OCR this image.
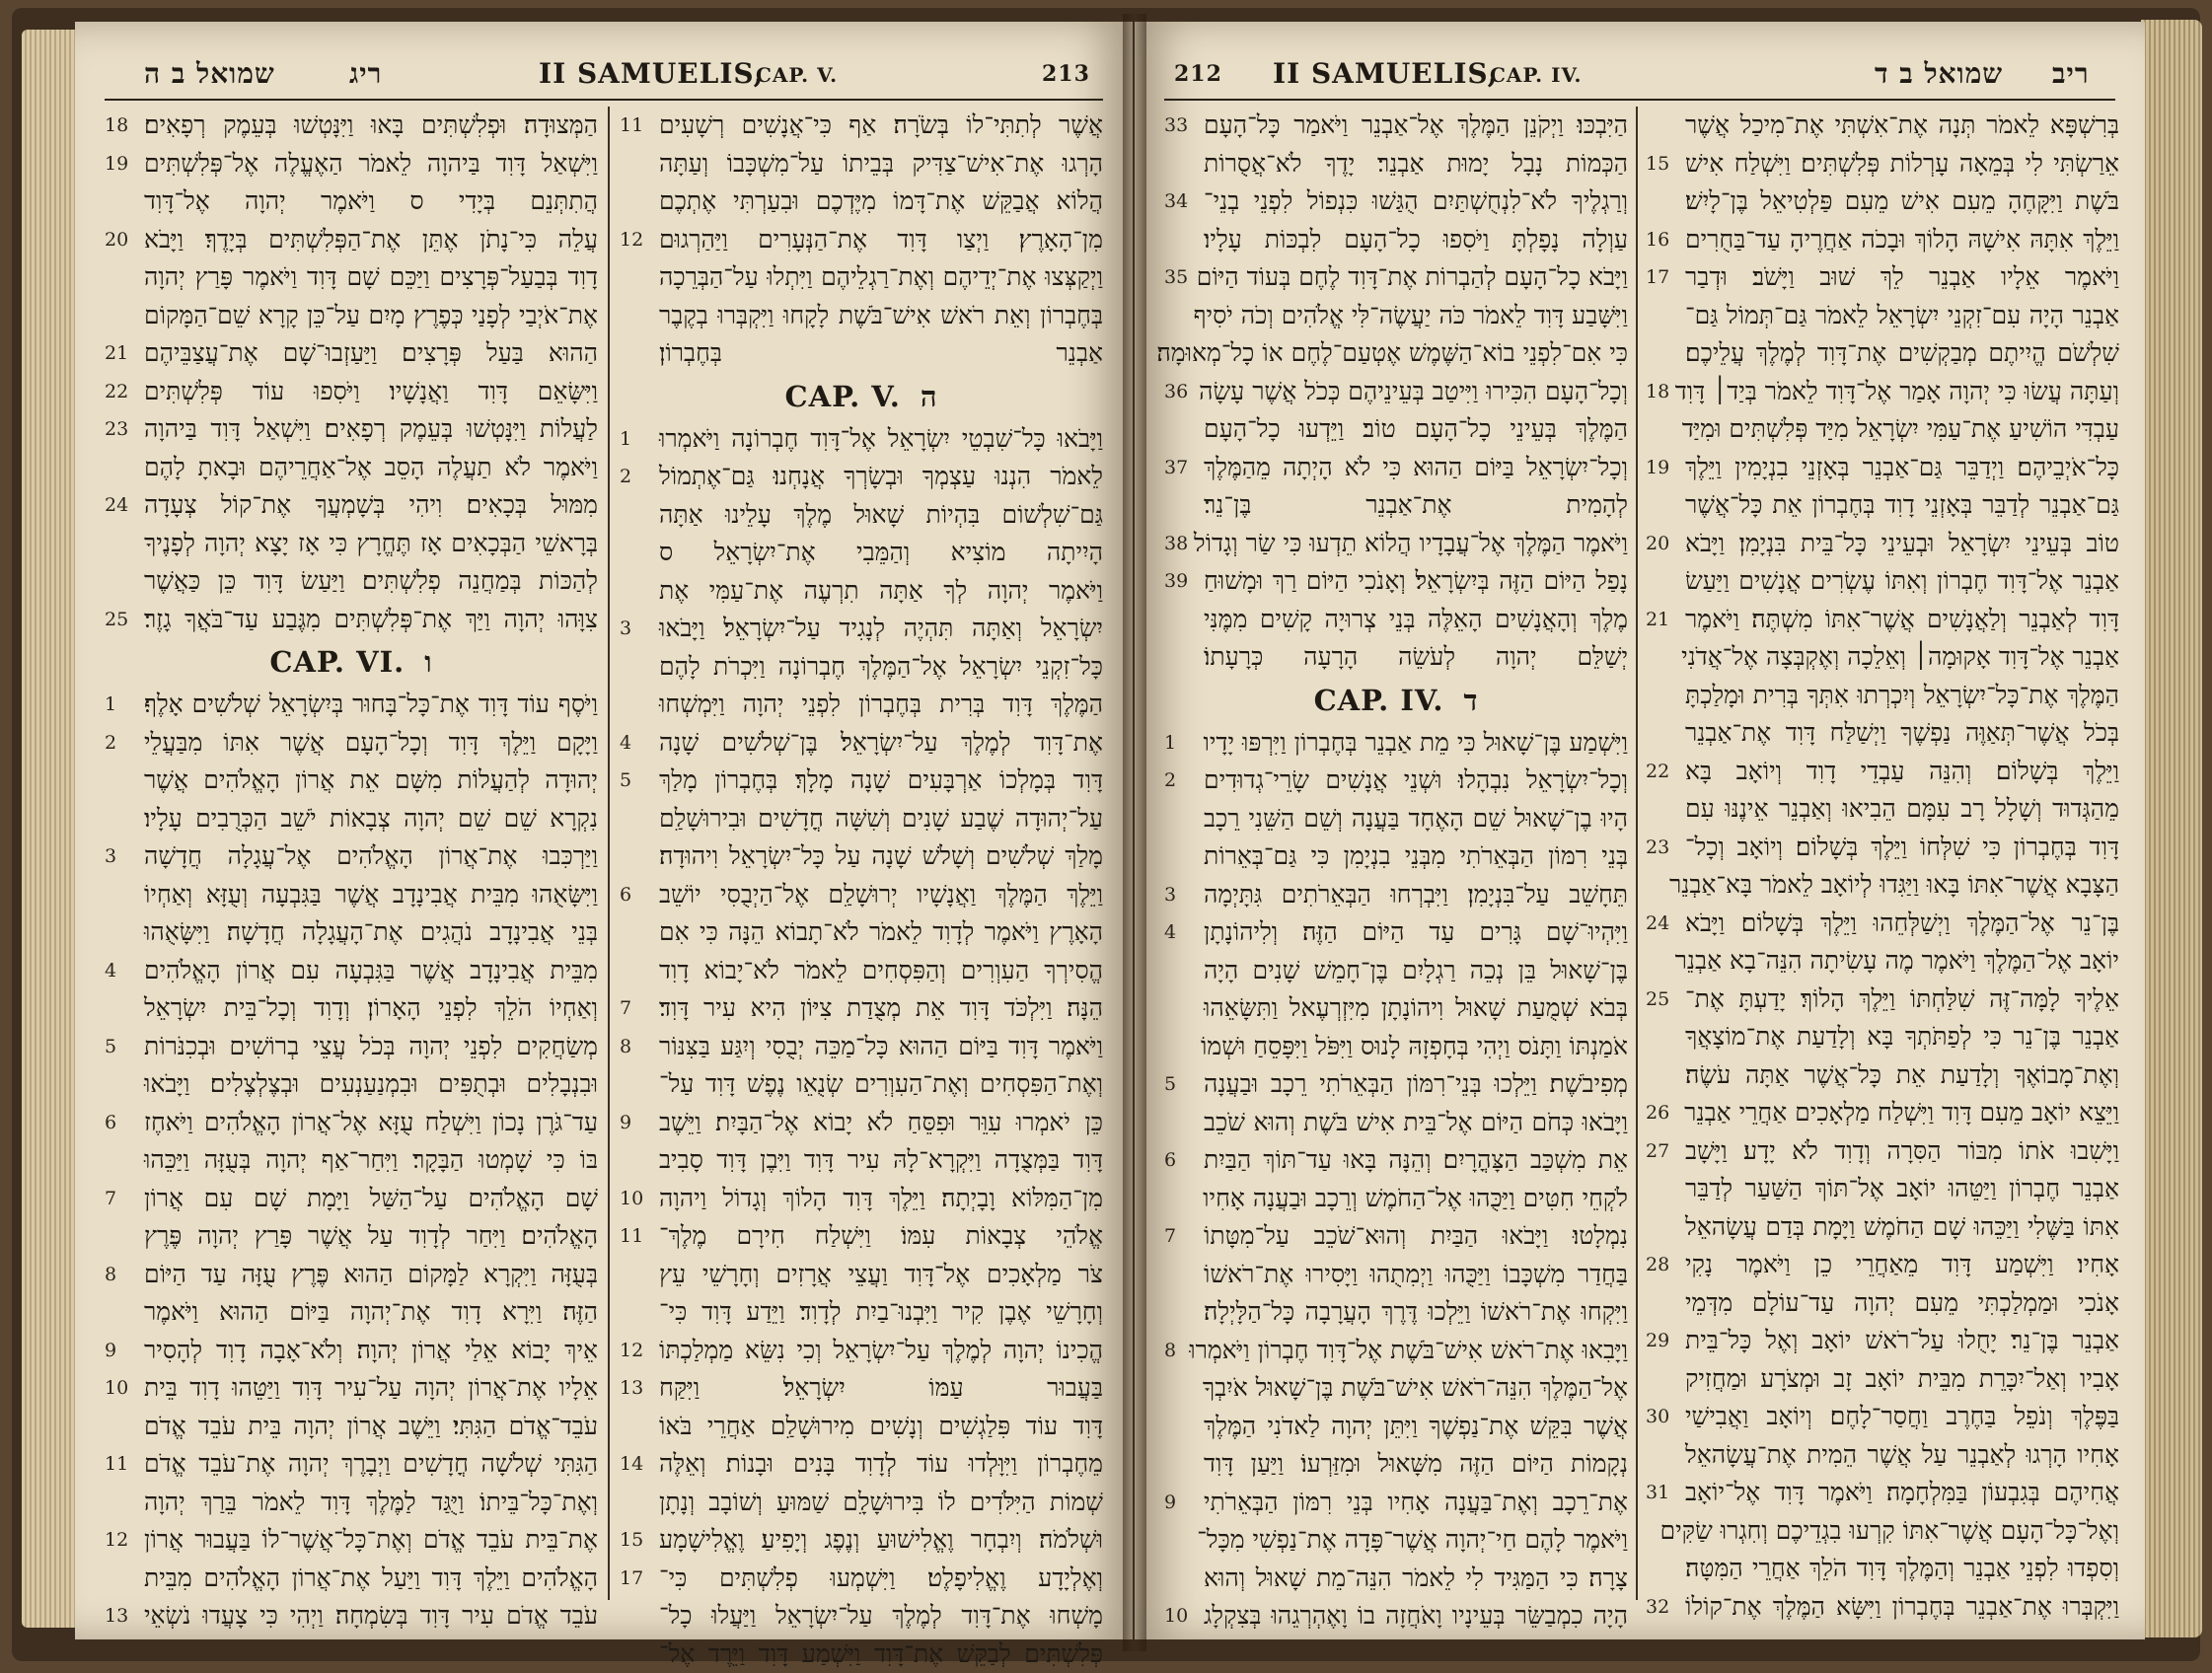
שמואל ב ה	ריג	II SAMUELIS,
CAP. V.	213
הַמְּצוּדָה׃ וּפְלִשְׁתִּים בָּאוּ וַיִּנָּטְשׁוּ בְּעֵמֶק רְפָאִים׃
18
וַיִּשְׁאַל דָּוִד בַּיהוָה לֵאמֹר הַאֶעֱלֶה אֶל־פְּלִשְׁתִּים
19
הֲתִתְּנֵם בְּיָדִי ס וַיֹּאמֶר יְהוָה אֶל־דָּוִד
עֲלֵה כִּי־נָתֹן אֶתֵּן אֶת־הַפְּלִשְׁתִּים בְּיָדֶךָ׃ וַיָּבֹא
20
דָוִד בְּבַעַל־פְּרָצִים וַיַּכֵּם שָׁם דָּוִד וַיֹּאמֶר פָּרַץ יְהוָה
אֶת־אֹיְבַי לְפָנַי כְּפֶרֶץ מָיִם עַל־כֵּן קָרָא שֵׁם־הַמָּקוֹם
הַהוּא בַּעַל פְּרָצִים׃ וַיַּעַזְבוּ־שָׁם אֶת־עֲצַבֵּיהֶם
21
וַיִּשָּׂאֵם דָּוִד וַאֲנָשָׁיו׃ וַיֹּסִפוּ עוֹד פְּלִשְׁתִּים
22
לַעֲלוֹת וַיִּנָּטְשׁוּ בְּעֵמֶק רְפָאִים׃ וַיִּשְׁאַל דָּוִד בַּיהוָה
23
וַיֹּאמֶר לֹא תַעֲלֶה הָסֵב אֶל־אַחֲרֵיהֶם וּבָאתָ לָהֶם
מִמּוּל בְּכָאִים׃ וִיהִי בְּשָׁמְעֲךָ אֶת־קוֹל צְעָדָה
24
בְּרָאשֵׁי הַבְּכָאִים אָז תֶּחֱרָץ כִּי אָז יָצָא יְהוָה לְפָנֶיךָ
לְהַכּוֹת בְּמַחֲנֵה פְלִשְׁתִּים׃ וַיַּעַשׂ דָּוִד כֵּן כַּאֲשֶׁר
צִוָּהוּ יְהוָה וַיַּךְ אֶת־פְּלִשְׁתִּים מִגֶּבַע עַד־בֹּאֲךָ גָזֶר׃
25
CAP. VI. ו
וַיֹּסֶף עוֹד דָּוִד אֶת־כָּל־בָּחוּר בְּיִשְׂרָאֵל שְׁלֹשִׁים אָלֶף׃
1
וַיָּקָם וַיֵּלֶךְ דָּוִד וְכָל־הָעָם אֲשֶׁר אִתּוֹ מִבַּעֲלֵי
2
יְהוּדָה לְהַעֲלוֹת מִשָּׁם אֵת אֲרוֹן הָאֱלֹהִים אֲשֶׁר
נִקְרָא שֵׁם שֵׁם יְהוָה צְבָאוֹת יֹשֵׁב הַכְּרֻבִים עָלָיו׃
וַיַּרְכִּבוּ אֶת־אֲרוֹן הָאֱלֹהִים אֶל־עֲגָלָה חֲדָשָׁה
3
וַיִּשָּׂאֻהוּ מִבֵּית אֲבִינָדָב אֲשֶׁר בַּגִּבְעָה וְעֻזָּא וְאַחְיוֹ
בְּנֵי אֲבִינָדָב נֹהֲגִים אֶת־הָעֲגָלָה חֲדָשָׁה׃ וַיִּשָּׂאֻהוּ
מִבֵּית אֲבִינָדָב אֲשֶׁר בַּגִּבְעָה עִם אֲרוֹן הָאֱלֹהִים
4
וְאַחְיוֹ הֹלֵךְ לִפְנֵי הָאָרוֹן׃ וְדָוִד וְכָל־בֵּית יִשְׂרָאֵל
מְשַׂחֲקִים לִפְנֵי יְהוָה בְּכֹל עֲצֵי בְרוֹשִׁים וּבְכִנֹּרוֹת
5
וּבִנְבָלִים וּבְתֻפִּים וּבִמְנַעַנְעִים וּבְצֶלְצֶלִים׃ וַיָּבֹאוּ
עַד־גֹּרֶן נָכוֹן וַיִּשְׁלַח עֻזָּא אֶל־אֲרוֹן הָאֱלֹהִים וַיֹּאחֶז
6
בּוֹ כִּי שָׁמְטוּ הַבָּקָר׃ וַיִּחַר־אַף יְהוָה בְּעֻזָּה וַיַּכֵּהוּ
שָׁם הָאֱלֹהִים עַל־הַשַּׁל וַיָּמָת שָׁם עִם אֲרוֹן
7
הָאֱלֹהִים׃ וַיִּחַר לְדָוִד עַל אֲשֶׁר פָּרַץ יְהוָה פֶּרֶץ
בְּעֻזָּה וַיִּקְרָא לַמָּקוֹם הַהוּא פֶּרֶץ עֻזָּה עַד הַיּוֹם
8
הַזֶּה׃ וַיִּרָא דָוִד אֶת־יְהוָה בַּיּוֹם הַהוּא וַיֹּאמֶר
אֵיךְ יָבוֹא אֵלַי אֲרוֹן יְהוָה׃ וְלֹא־אָבָה דָוִד לְהָסִיר
9
אֵלָיו אֶת־אֲרוֹן יְהוָה עַל־עִיר דָּוִד וַיַּטֵּהוּ דָוִד בֵּית
10
עֹבֵד־אֱדֹם הַגִּתִּי׃ וַיֵּשֶׁב אֲרוֹן יְהוָה בֵּית עֹבֵד אֱדֹם
הַגִּתִּי שְׁלֹשָׁה חֳדָשִׁים וַיְבָרֶךְ יְהוָה אֶת־עֹבֵד אֱדֹם
11
וְאֶת־כָּל־בֵּיתוֹ׃ וַיֻּגַּד לַמֶּלֶךְ דָּוִד לֵאמֹר בֵּרַךְ יְהוָה
אֶת־בֵּית עֹבֵד אֱדֹם וְאֶת־כָּל־אֲשֶׁר־לוֹ בַּעֲבוּר אֲרוֹן
12
הָאֱלֹהִים וַיֵּלֶךְ דָּוִד וַיַּעַל אֶת־אֲרוֹן הָאֱלֹהִים מִבֵּית
עֹבֵד אֱדֹם עִיר דָּוִד בְּשִׂמְחָה׃ וַיְהִי כִּי צָעֲדוּ נֹשְׂאֵי
13
אֲשֶׁר לְתִתִּי־לוֹ בְּשֹׂרָה׃ אַף כִּי־אֲנָשִׁים רְשָׁעִים
11
הָרְגוּ אֶת־אִישׁ־צַדִּיק בְּבֵיתוֹ עַל־מִשְׁכָּבוֹ וְעַתָּה
הֲלוֹא אֲבַקֵּשׁ אֶת־דָּמוֹ מִיֶּדְכֶם וּבִעַרְתִּי אֶתְכֶם
מִן־הָאָרֶץ׃ וַיְצַו דָּוִד אֶת־הַנְּעָרִים וַיַּהַרְגוּם
12
וַיְקַצְּצוּ אֶת־יְדֵיהֶם וְאֶת־רַגְלֵיהֶם וַיִּתְלוּ עַל־הַבְּרֵכָה
בְּחֶבְרוֹן וְאֵת רֹאשׁ אִישׁ־בֹּשֶׁת לָקָחוּ וַיִּקְבְּרוּ בְקֶבֶר
אַבְנֵר בְּחֶבְרוֹן׃
CAP. V. ה
וַיָּבֹאוּ כָּל־שִׁבְטֵי יִשְׂרָאֵל אֶל־דָּוִד חֶבְרוֹנָה וַיֹּאמְרוּ
1
לֵאמֹר הִנְנוּ עַצְמְךָ וּבְשָׂרְךָ אֲנָחְנוּ׃ גַּם־אֶתְמוֹל
2
גַּם־שִׁלְשׁוֹם בִּהְיוֹת שָׁאוּל מֶלֶךְ עָלֵינוּ אַתָּה
הָיִיתָה מוֹצִיא וְהַמֵּבִי אֶת־יִשְׂרָאֵל ס
וַיֹּאמֶר יְהוָה לְךָ אַתָּה תִרְעֶה אֶת־עַמִּי אֶת
יִשְׂרָאֵל וְאַתָּה תִּהְיֶה לְנָגִיד עַל־יִשְׂרָאֵל׃ וַיָּבֹאוּ
3
כָּל־זִקְנֵי יִשְׂרָאֵל אֶל־הַמֶּלֶךְ חֶבְרוֹנָה וַיִּכְרֹת לָהֶם
הַמֶּלֶךְ דָּוִד בְּרִית בְּחֶבְרוֹן לִפְנֵי יְהוָה וַיִּמְשְׁחוּ
אֶת־דָּוִד לְמֶלֶךְ עַל־יִשְׂרָאֵל׃ בֶּן־שְׁלֹשִׁים שָׁנָה
4
דָּוִד בְּמָלְכוֹ אַרְבָּעִים שָׁנָה מָלָךְ׃ בְּחֶבְרוֹן מָלַךְ
5
עַל־יְהוּדָה שֶׁבַע שָׁנִים וְשִׁשָּׁה חֳדָשִׁים וּבִירוּשָׁלִַם
מָלַךְ שְׁלֹשִׁים וְשָׁלֹשׁ שָׁנָה עַל כָּל־יִשְׂרָאֵל וִיהוּדָה׃
וַיֵּלֶךְ הַמֶּלֶךְ וַאֲנָשָׁיו יְרוּשָׁלִַם אֶל־הַיְבֻסִי יוֹשֵׁב
6
הָאָרֶץ וַיֹּאמֶר לְדָוִד לֵאמֹר לֹא־תָבוֹא הֵנָּה כִּי אִם
הֱסִירְךָ הַעִוְרִים וְהַפִּסְחִים לֵאמֹר לֹא־יָבוֹא דָוִד
הֵנָּה׃ וַיִּלְכֹּד דָּוִד אֵת מְצֻדַת צִיּוֹן הִיא עִיר דָּוִד׃
7
וַיֹּאמֶר דָּוִד בַּיּוֹם הַהוּא כָּל־מַכֵּה יְבֻסִי וְיִגַּע בַּצִּנּוֹר
8
וְאֶת־הַפִּסְחִים וְאֶת־הַעִוְרִים שְׂנֻאֵו נֶפֶשׁ דָּוִד עַל־
כֵּן יֹאמְרוּ עִוֵּר וּפִסֵּחַ לֹא יָבוֹא אֶל־הַבָּיִת׃ וַיֵּשֶׁב
9
דָּוִד בַּמְּצֻדָה וַיִּקְרָא־לָהּ עִיר דָּוִד וַיִּבֶן דָּוִד סָבִיב
מִן־הַמִּלּוֹא וָבָיְתָה׃ וַיֵּלֶךְ דָּוִד הָלוֹךְ וְגָדוֹל וַיהוָה
10
אֱלֹהֵי צְבָאוֹת עִמּוֹ׃ וַיִּשְׁלַח חִירָם מֶלֶךְ־
11
צֹר מַלְאָכִים אֶל־דָּוִד וַעֲצֵי אֲרָזִים וְחָרָשֵׁי עֵץ
וְחָרָשֵׁי אֶבֶן קִיר וַיִּבְנוּ־בַיִת לְדָוִד׃ וַיֵּדַע דָּוִד כִּי־
הֱכִינוֹ יְהוָה לְמֶלֶךְ עַל־יִשְׂרָאֵל וְכִי נִשֵּׂא מַמְלַכְתּוֹ
12
בַּעֲבוּר עַמּוֹ יִשְׂרָאֵל׃ וַיִּקַּח
13
דָּוִד עוֹד פִּלַגְשִׁים וְנָשִׁים מִירוּשָׁלִַם אַחֲרֵי בֹּאוֹ
מֵחֶבְרוֹן וַיִּוָּלְדוּ עוֹד לְדָוִד בָּנִים וּבָנוֹת׃ וְאֵלֶּה
14
שְׁמוֹת הַיִּלֹּדִים לוֹ בִּירוּשָׁלִָם שַׁמּוּעַ וְשׁוֹבָב וְנָתָן
וּשְׁלֹמֹה׃ וְיִבְחָר וֶאֱלִישׁוּעַ וְנֶפֶג וְיָפִיעַ׃ וֶאֱלִישָׁמָע
15
וְאֶלְיָדָע וֶאֱלִיפָלֶט׃ וַיִּשְׁמְעוּ פְלִשְׁתִּים כִּי־
17
מָשְׁחוּ אֶת־דָּוִד לְמֶלֶךְ עַל־יִשְׂרָאֵל וַיַּעֲלוּ כָל־
פְּלִשְׁתִּים לְבַקֵּשׁ אֶת־דָּוִד וַיִּשְׁמַע דָּוִד וַיֵּרֶד אֶל־
212 II SAMUELIS,
CAP. IV.	שמואל ב ד ריב
הַיִּבְכּוּ׃ וַיְקֹנֵן הַמֶּלֶךְ אֶל־אַבְנֵר וַיֹּאמַר כָּל־הָעָם
33
הַכְּמוֹת נָבָל יָמוּת אַבְנֵר׃ יָדֶךָ לֹא־אֲסֻרוֹת
וְרַגְלֶיךָ לֹא־לִנְחֻשְׁתַּיִם הֻגַּשׁוּ כִּנְפוֹל לִפְנֵי בְנֵי־
34
עַוְלָה נָפָלְתָּ וַיֹּסִפוּ כָל־הָעָם לִבְכּוֹת עָלָיו׃
וַיָּבֹא כָל־הָעָם לְהַבְרוֹת אֶת־דָּוִד לֶחֶם בְּעוֹד הַיּוֹם
35
וַיִּשָּׁבַע דָּוִד לֵאמֹר כֹּה יַעֲשֶׂה־לִּי אֱלֹהִים וְכֹה יֹסִיף
כִּי אִם־לִפְנֵי בוֹא־הַשֶּׁמֶשׁ אֶטְעַם־לֶחֶם אוֹ כָל־מְאוּמָה׃
וְכָל־הָעָם הִכִּירוּ וַיִּיטַב בְּעֵינֵיהֶם כְּכֹל אֲשֶׁר עָשָׂה
36
הַמֶּלֶךְ בְּעֵינֵי כָל־הָעָם טוֹב׃ וַיֵּדְעוּ כָל־הָעָם
וְכָל־יִשְׂרָאֵל בַּיּוֹם הַהוּא כִּי לֹא הָיְתָה מֵהַמֶּלֶךְ
37
לְהָמִית אֶת־אַבְנֵר בֶּן־נֵר׃
וַיֹּאמֶר הַמֶּלֶךְ אֶל־עֲבָדָיו הֲלוֹא תֵדְעוּ כִּי שַׂר וְגָדוֹל
38
נָפַל הַיּוֹם הַזֶּה בְּיִשְׂרָאֵל׃ וְאָנֹכִי הַיּוֹם רַךְ וּמָשׁוּחַ
39
מֶלֶךְ וְהָאֲנָשִׁים הָאֵלֶּה בְּנֵי צְרוּיָה קָשִׁים מִמֶּנִּי
יְשַׁלֵּם יְהוָה לְעֹשֵׂה הָרָעָה כְּרָעָתוֹ׃
CAP. IV. ד
וַיִּשְׁמַע בֶּן־שָׁאוּל כִּי מֵת אַבְנֵר בְּחֶבְרוֹן וַיִּרְפּוּ יָדָיו
1
וְכָל־יִשְׂרָאֵל נִבְהָלוּ׃ וּשְׁנֵי אֲנָשִׁים שָׂרֵי־גְדוּדִים
2
הָיוּ בֶן־שָׁאוּל שֵׁם הָאֶחָד בַּעֲנָה וְשֵׁם הַשֵּׁנִי רֵכָב
בְּנֵי רִמּוֹן הַבְּאֵרֹתִי מִבְּנֵי בִנְיָמִן כִּי גַּם־בְּאֵרוֹת
תֵּחָשֵׁב עַל־בִּנְיָמִן׃ וַיִּבְרְחוּ הַבְּאֵרֹתִים גִּתָּיְמָה
3
וַיִּהְיוּ־שָׁם גָּרִים עַד הַיּוֹם הַזֶּה׃ וְלִיהוֹנָתָן
4
בֶּן־שָׁאוּל בֵּן נְכֵה רַגְלָיִם בֶּן־חָמֵשׁ שָׁנִים הָיָה
בְּבֹא שְׁמֻעַת שָׁאוּל וִיהוֹנָתָן מִיִּזְרְעֶאל וַתִּשָּׂאֵהוּ
אֹמַנְתּוֹ וַתָּנֹס וַיְהִי בְּחָפְזָהּ לָנוּס וַיִּפֹּל וַיִּפָּסֵחַ וּשְׁמוֹ
מְפִיבֹשֶׁת׃ וַיֵּלְכוּ בְּנֵי־רִמּוֹן הַבְּאֵרֹתִי רֵכָב וּבַעֲנָה
5
וַיָּבֹאוּ כְּחֹם הַיּוֹם אֶל־בֵּית אִישׁ בֹּשֶׁת וְהוּא שֹׁכֵב
אֵת מִשְׁכַּב הַצָּהֳרָיִם׃ וְהֵנָּה בָּאוּ עַד־תּוֹךְ הַבַּיִת
6
לֹקְחֵי חִטִּים וַיַּכֻּהוּ אֶל־הַחֹמֶשׁ וְרֵכָב וּבַעֲנָה אָחִיו
נִמְלָטוּ׃ וַיָּבֹאוּ הַבַּיִת וְהוּא־שֹׁכֵב עַל־מִטָּתוֹ
7
בַּחֲדַר מִשְׁכָּבוֹ וַיַּכֻּהוּ וַיְמִתֻהוּ וַיָּסִירוּ אֶת־רֹאשׁוֹ
וַיִּקְחוּ אֶת־רֹאשׁוֹ וַיֵּלְכוּ דֶּרֶךְ הָעֲרָבָה כָּל־הַלָּיְלָה׃
וַיָּבִאוּ אֶת־רֹאשׁ אִישׁ־בֹּשֶׁת אֶל־דָּוִד חֶבְרוֹן וַיֹּאמְרוּ
8
אֶל־הַמֶּלֶךְ הִנֵּה־רֹאשׁ אִישׁ־בֹּשֶׁת בֶּן־שָׁאוּל אֹיִבְךָ
אֲשֶׁר בִּקֵּשׁ אֶת־נַפְשֶׁךָ וַיִּתֵּן יְהוָה לַאדֹנִי הַמֶּלֶךְ
נְקָמוֹת הַיּוֹם הַזֶּה מִשָּׁאוּל וּמִזַּרְעוֹ׃ וַיַּעַן דָּוִד
אֶת־רֵכָב וְאֶת־בַּעֲנָה אָחִיו בְּנֵי רִמּוֹן הַבְּאֵרֹתִי
9
וַיֹּאמֶר לָהֶם חַי־יְהוָה אֲשֶׁר־פָּדָה אֶת־נַפְשִׁי מִכָּל־
צָרָה׃ כִּי הַמַּגִּיד לִי לֵאמֹר הִנֵּה־מֵת שָׁאוּל וְהוּא
הָיָה כִמְבַשֵּׂר בְּעֵינָיו וָאֹחֲזָה בוֹ וָאֶהְרְגֵהוּ בְּצִקְלָג
10
בְּרִשְׁפָּא לֵאמֹר תְּנָה אֶת־אִשְׁתִּי אֶת־מִיכַל אֲשֶׁר
אֵרַשְׂתִּי לִי בְּמֵאָה עָרְלוֹת פְּלִשְׁתִּים׃ וַיִּשְׁלַח אִישׁ
15
בֹּשֶׁת וַיִּקָּחֶהָ מֵעִם אִישׁ מֵעִם פַּלְטִיאֵל בֶּן־לָיִשׁ׃
וַיֵּלֶךְ אִתָּהּ אִישָׁהּ הָלוֹךְ וּבָכֹה אַחֲרֶיהָ עַד־בַּחֻרִים
16
וַיֹּאמֶר אֵלָיו אַבְנֵר לֵךְ שׁוּב וַיָּשֹׁב׃ וּדְבַר
17
אַבְנֵר הָיָה עִם־זִקְנֵי יִשְׂרָאֵל לֵאמֹר גַּם־תְּמוֹל גַּם־
שִׁלְשֹׁם הֱיִיתֶם מְבַקְשִׁים אֶת־דָּוִד לְמֶלֶךְ עֲלֵיכֶם׃
וְעַתָּה עֲשׂוּ כִּי יְהוָה אָמַר אֶל־דָּוִד לֵאמֹר בְּיַד׀ דָּוִד
18
עַבְדִּי הוֹשִׁיעַ אֶת־עַמִּי יִשְׂרָאֵל מִיַּד פְּלִשְׁתִּים וּמִיַּד
כָּל־אֹיְבֵיהֶם׃ וַיְדַבֵּר גַּם־אַבְנֵר בְּאָזְנֵי בִנְיָמִין וַיֵּלֶךְ
19
גַּם־אַבְנֵר לְדַבֵּר בְּאָזְנֵי דָוִד בְּחֶבְרוֹן אֵת כָּל־אֲשֶׁר
טוֹב בְּעֵינֵי יִשְׂרָאֵל וּבְעֵינֵי כָּל־בֵּית בִּנְיָמִן׃ וַיָּבֹא
20
אַבְנֵר אֶל־דָּוִד חֶבְרוֹן וְאִתּוֹ עֶשְׂרִים אֲנָשִׁים וַיַּעַשׂ
דָּוִד לְאַבְנֵר וְלַאֲנָשִׁים אֲשֶׁר־אִתּוֹ מִשְׁתֶּה׃ וַיֹּאמֶר
21
אַבְנֵר אֶל־דָּוִד אָקוּמָה׀ וְאֵלֵכָה וְאֶקְבְּצָה אֶל־אֲדֹנִי
הַמֶּלֶךְ אֶת־כָּל־יִשְׂרָאֵל וְיִכְרְתוּ אִתְּךָ בְּרִית וּמָלַכְתָּ
בְּכֹל אֲשֶׁר־תְּאַוֶּה נַפְשֶׁךָ וַיְשַׁלַּח דָּוִד אֶת־אַבְנֵר
וַיֵּלֶךְ בְּשָׁלוֹם׃ וְהִנֵּה עַבְדֵי דָוִד וְיוֹאָב בָּא
22
מֵהַגְּדוּד וְשָׁלָל רָב עִמָּם הֵבִיאוּ וְאַבְנֵר אֵינֶנּוּ עִם
דָּוִד בְּחֶבְרוֹן כִּי שִׁלְּחוֹ וַיֵּלֶךְ בְּשָׁלוֹם׃ וְיוֹאָב וְכָל־
23
הַצָּבָא אֲשֶׁר־אִתּוֹ בָּאוּ וַיַּגִּדוּ לְיוֹאָב לֵאמֹר בָּא־אַבְנֵר
בֶּן־נֵר אֶל־הַמֶּלֶךְ וַיְשַׁלְּחֵהוּ וַיֵּלֶךְ בְּשָׁלוֹם׃ וַיָּבֹא
24
יוֹאָב אֶל־הַמֶּלֶךְ וַיֹּאמֶר מֶה עָשִׂיתָה הִנֵּה־בָא אַבְנֵר
אֵלֶיךָ לָמָּה־זֶּה שִׁלַּחְתּוֹ וַיֵּלֶךְ הָלוֹךְ׃ יָדַעְתָּ אֶת־
25
אַבְנֵר בֶּן־נֵר כִּי לְפַתֹּתְךָ בָּא וְלָדַעַת אֶת־מוֹצָאֲךָ
וְאֶת־מָבוֹאֶךָ וְלָדַעַת אֵת כָּל־אֲשֶׁר אַתָּה עֹשֶׂה׃
וַיֵּצֵא יוֹאָב מֵעִם דָּוִד וַיִּשְׁלַח מַלְאָכִים אַחֲרֵי אַבְנֵר
26
וַיָּשִׁבוּ אֹתוֹ מִבּוֹר הַסִּרָה וְדָוִד לֹא יָדָע׃ וַיָּשָׁב
27
אַבְנֵר חֶבְרוֹן וַיַּטֵּהוּ יוֹאָב אֶל־תּוֹךְ הַשַּׁעַר לְדַבֵּר
אִתּוֹ בַּשֶּׁלִי וַיַּכֵּהוּ שָׁם הַחֹמֶשׁ וַיָּמָת בְּדַם עֲשָׂהאֵל
אָחִיו׃ וַיִּשְׁמַע דָּוִד מֵאַחֲרֵי כֵן וַיֹּאמֶר נָקִי
28
אָנֹכִי וּמַמְלַכְתִּי מֵעִם יְהוָה עַד־עוֹלָם מִדְּמֵי
אַבְנֵר בֶּן־נֵר׃ יָחֻלוּ עַל־רֹאשׁ יוֹאָב וְאֶל כָּל־בֵּית
29
אָבִיו וְאַל־יִכָּרֵת מִבֵּית יוֹאָב זָב וּמְצֹרָע וּמַחֲזִיק
בַּפֶּלֶךְ וְנֹפֵל בַּחֶרֶב וַחֲסַר־לָחֶם׃ וְיוֹאָב וַאֲבִישַׁי
30
אָחִיו הָרְגוּ לְאַבְנֵר עַל אֲשֶׁר הֵמִית אֶת־עֲשָׂהאֵל
אֲחִיהֶם בְּגִבְעוֹן בַּמִּלְחָמָה׃ וַיֹּאמֶר דָּוִד אֶל־יוֹאָב
31
וְאֶל־כָּל־הָעָם אֲשֶׁר־אִתּוֹ קִרְעוּ בִגְדֵיכֶם וְחִגְרוּ שַׂקִּים
וְסִפְדוּ לִפְנֵי אַבְנֵר וְהַמֶּלֶךְ דָּוִד הֹלֵךְ אַחֲרֵי הַמִּטָּה׃
וַיִּקְבְּרוּ אֶת־אַבְנֵר בְּחֶבְרוֹן וַיִּשָּׂא הַמֶּלֶךְ אֶת־קוֹלוֹ
32
